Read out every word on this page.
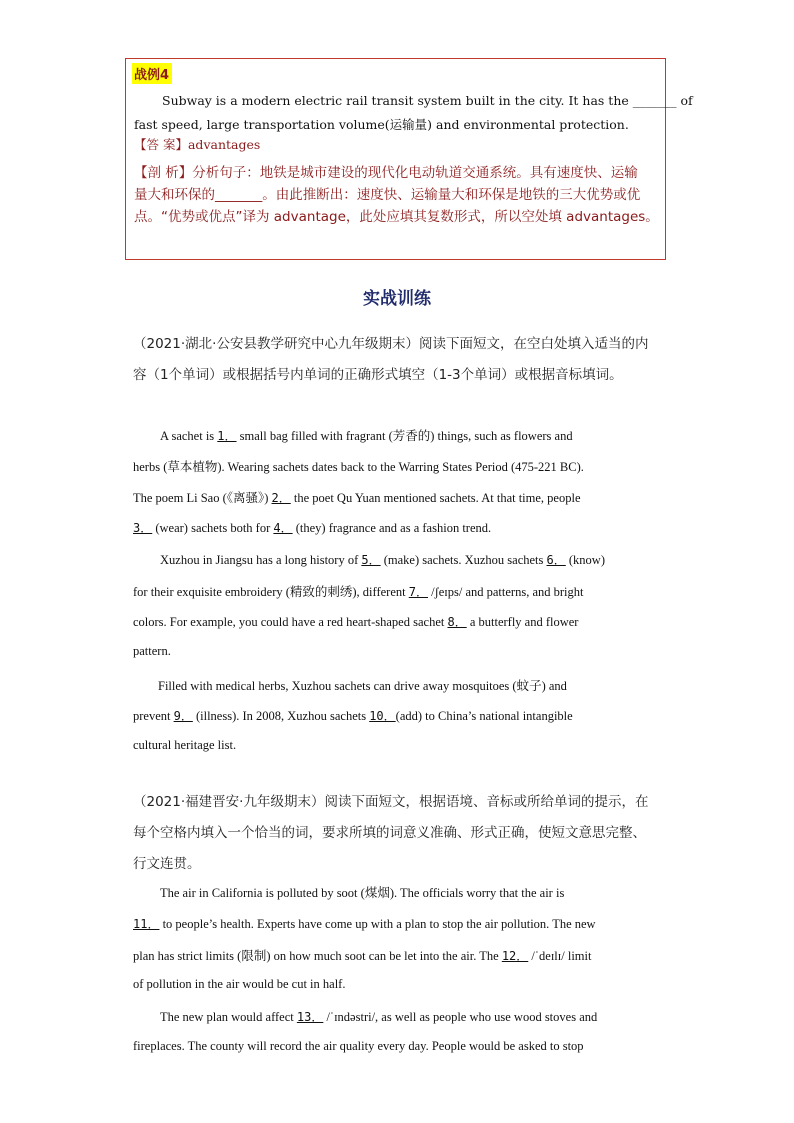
战例4
Subway is a modern electric rail transit system built in the city. It has the _______ of
fast speed, large transportation volume(运输量) and environmental protection.
【答 案】advantages
【剖 析】分析句子：地铁是城市建设的现代化电动轨道交通系统。具有速度快、运输
量大和环保的_______。由此推断出：速度快、运输量大和环保是地铁的三大优势或优
点。“优势或优点”译为 advantage，此处应填其复数形式，所以空处填 advantages。
实战训练
（2021·湖北·公安县教学研究中心九年级期末）阅读下面短文，在空白处填入适当的内
容（1个单词）或根据括号内单词的正确形式填空（1-3个单词）或根据音标填词。
A sachet is 1． small bag filled with fragrant (芳香的) things, such as flowers and
herbs (草本植物). Wearing sachets dates back to the Warring States Period (475-221 BC).
The poem Li Sao (《离骚》) 2． the poet Qu Yuan mentioned sachets. At that time, people
3． (wear) sachets both for 4． (they) fragrance and as a fashion trend.
Xuzhou in Jiangsu has a long history of 5． (make) sachets. Xuzhou sachets 6． (know)
for their exquisite embroidery (精致的刺绣), different 7． /ʃeɪps/ and patterns, and bright
colors. For example, you could have a red heart-shaped sachet 8． a butterfly and flower
pattern.
Filled with medical herbs, Xuzhou sachets can drive away mosquitoes (蚊子) and
prevent 9． (illness). In 2008, Xuzhou sachets 10．(add) to China’s national intangible
cultural heritage list.
（2021·福建晋安·九年级期末）阅读下面短文，根据语境、音标或所给单词的提示，在
每个空格内填入一个恰当的词，要求所填的词意义准确、形式正确，使短文意思完整、
行文连贯。
The air in California is polluted by soot (煤烟). The officials worry that the air is
11． to people’s health. Experts have come up with a plan to stop the air pollution. The new
plan has strict limits (限制) on how much soot can be let into the air. The 12． /ˈdeɪlɪ/ limit
of pollution in the air would be cut in half.
The new plan would affect 13． /ˈɪndəstri/, as well as people who use wood stoves and
fireplaces. The county will record the air quality every day. People would be asked to stop
